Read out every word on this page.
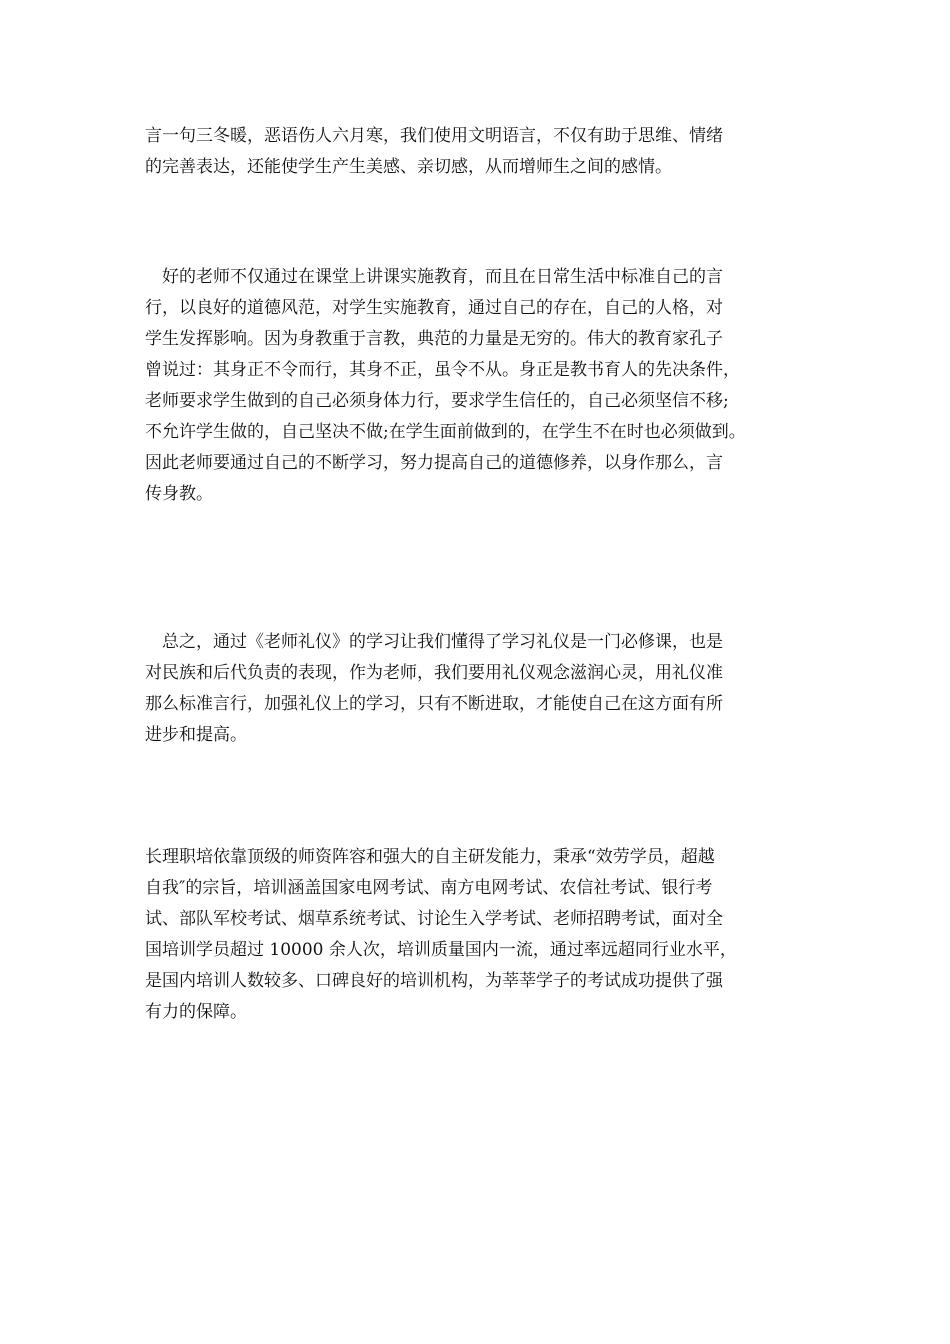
言一句三冬暖，恶语伤人六月寒，我们使用文明语言，不仅有助于思维、情绪
的完善表达，还能使学生产生美感、亲切感，从而增师生之间的感情。

　好的老师不仅通过在课堂上讲课实施教育，而且在日常生活中标准自己的言
行，以良好的道德风范，对学生实施教育，通过自己的存在，自己的人格，对
学生发挥影响。因为身教重于言教，典范的力量是无穷的。伟大的教育家孔子
曾说过：其身正不令而行，其身不正，虽令不从。身正是教书育人的先决条件，
老师要求学生做到的自己必须身体力行，要求学生信任的，自己必须坚信不移;
不允许学生做的，自己坚决不做;在学生面前做到的，在学生不在时也必须做到。
因此老师要通过自己的不断学习，努力提高自己的道德修养，以身作那么，言
传身教。

　总之，通过《老师礼仪》的学习让我们懂得了学习礼仪是一门必修课，也是
对民族和后代负责的表现，作为老师，我们要用礼仪观念滋润心灵，用礼仪准
那么标准言行，加强礼仪上的学习，只有不断进取，才能使自己在这方面有所
进步和提高。

长理职培依靠顶级的师资阵容和强大的自主研发能力，秉承“效劳学员，超越
自我″的宗旨，培训涵盖国家电网考试、南方电网考试、农信社考试、银行考
试、部队军校考试、烟草系统考试、讨论生入学考试、老师招聘考试，面对全
国培训学员超过 10000 余人次，培训质量国内一流，通过率远超同行业水平，
是国内培训人数较多、口碑良好的培训机构，为莘莘学子的考试成功提供了强
有力的保障。
